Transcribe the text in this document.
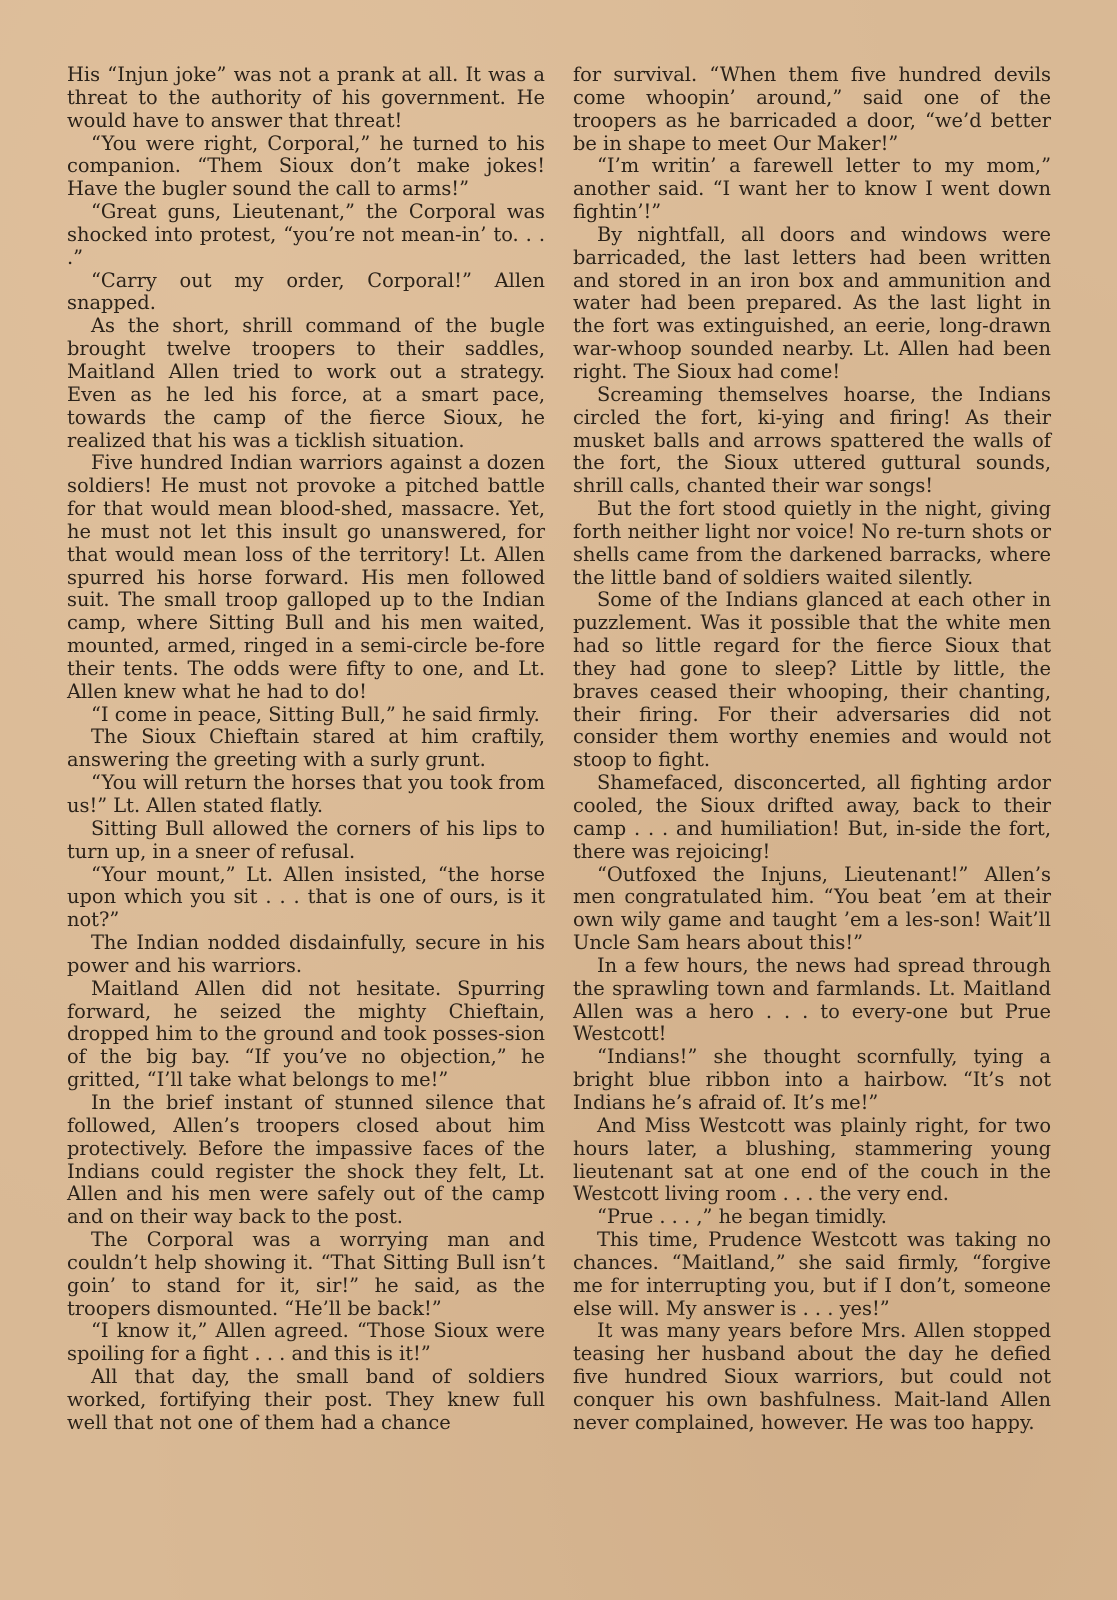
His “Injun joke” was not a prank at all. It was a threat to the authority of his government. He would have to answer that threat!

“You were right, Corporal,” he turned to his companion. “Them Sioux don’t make jokes! Have the bugler sound the call to arms!”

“Great guns, Lieutenant,” the Corporal was shocked into protest, “you’re not mean-in’ to. . . .”

“Carry out my order, Corporal!” Allen snapped.

As the short, shrill command of the bugle brought twelve troopers to their saddles, Maitland Allen tried to work out a strategy. Even as he led his force, at a smart pace, towards the camp of the fierce Sioux, he realized that his was a ticklish situation.

Five hundred Indian warriors against a dozen soldiers! He must not provoke a pitched battle for that would mean blood-shed, massacre. Yet, he must not let this insult go unanswered, for that would mean loss of the territory! Lt. Allen spurred his horse forward. His men followed suit. The small troop galloped up to the Indian camp, where Sitting Bull and his men waited, mounted, armed, ringed in a semi-circle be-fore their tents. The odds were fifty to one, and Lt. Allen knew what he had to do!

“I come in peace, Sitting Bull,” he said firmly.

The Sioux Chieftain stared at him craftily, answering the greeting with a surly grunt.

“You will return the horses that you took from us!” Lt. Allen stated flatly.

Sitting Bull allowed the corners of his lips to turn up, in a sneer of refusal.

“Your mount,” Lt. Allen insisted, “the horse upon which you sit . . . that is one of ours, is it not?”

The Indian nodded disdainfully, secure in his power and his warriors.

Maitland Allen did not hesitate. Spurring forward, he seized the mighty Chieftain, dropped him to the ground and took posses-sion of the big bay. “If you’ve no objection,” he gritted, “I’ll take what belongs to me!”

In the brief instant of stunned silence that followed, Allen’s troopers closed about him protectively. Before the impassive faces of the Indians could register the shock they felt, Lt. Allen and his men were safely out of the camp and on their way back to the post.

The Corporal was a worrying man and couldn’t help showing it. “That Sitting Bull isn’t goin’ to stand for it, sir!” he said, as the troopers dismounted. “He’ll be back!”

“I know it,” Allen agreed. “Those Sioux were spoiling for a fight . . . and this is it!”

All that day, the small band of soldiers worked, fortifying their post. They knew full well that not one of them had a chance

for survival. “When them five hundred devils come whoopin’ around,” said one of the troopers as he barricaded a door, “we’d better be in shape to meet Our Maker!”

“I’m writin’ a farewell letter to my mom,” another said. “I want her to know I went down fightin’!”

By nightfall, all doors and windows were barricaded, the last letters had been written and stored in an iron box and ammunition and water had been prepared. As the last light in the fort was extinguished, an eerie, long-drawn war-whoop sounded nearby. Lt. Allen had been right. The Sioux had come!

Screaming themselves hoarse, the Indians circled the fort, ki-ying and firing! As their musket balls and arrows spattered the walls of the fort, the Sioux uttered guttural sounds, shrill calls, chanted their war songs!

But the fort stood quietly in the night, giving forth neither light nor voice! No re-turn shots or shells came from the darkened barracks, where the little band of soldiers waited silently.

Some of the Indians glanced at each other in puzzlement. Was it possible that the white men had so little regard for the fierce Sioux that they had gone to sleep? Little by little, the braves ceased their whooping, their chanting, their firing. For their adversaries did not consider them worthy enemies and would not stoop to fight.

Shamefaced, disconcerted, all fighting ardor cooled, the Sioux drifted away, back to their camp . . . and humiliation! But, in-side the fort, there was rejoicing!

“Outfoxed the Injuns, Lieutenant!” Allen’s men congratulated him. “You beat ’em at their own wily game and taught ’em a les-son! Wait’ll Uncle Sam hears about this!”

In a few hours, the news had spread through the sprawling town and farmlands. Lt. Maitland Allen was a hero . . . to every-one but Prue Westcott!

“Indians!” she thought scornfully, tying a bright blue ribbon into a hairbow. “It’s not Indians he’s afraid of. It’s me!”

And Miss Westcott was plainly right, for two hours later, a blushing, stammering young lieutenant sat at one end of the couch in the Westcott living room . . . the very end.

“Prue . . . ,” he began timidly.

This time, Prudence Westcott was taking no chances. “Maitland,” she said firmly, “forgive me for interrupting you, but if I don’t, someone else will. My answer is . . . yes!”

It was many years before Mrs. Allen stopped teasing her husband about the day he defied five hundred Sioux warriors, but could not conquer his own bashfulness. Mait-land Allen never complained, however. He was too happy.
